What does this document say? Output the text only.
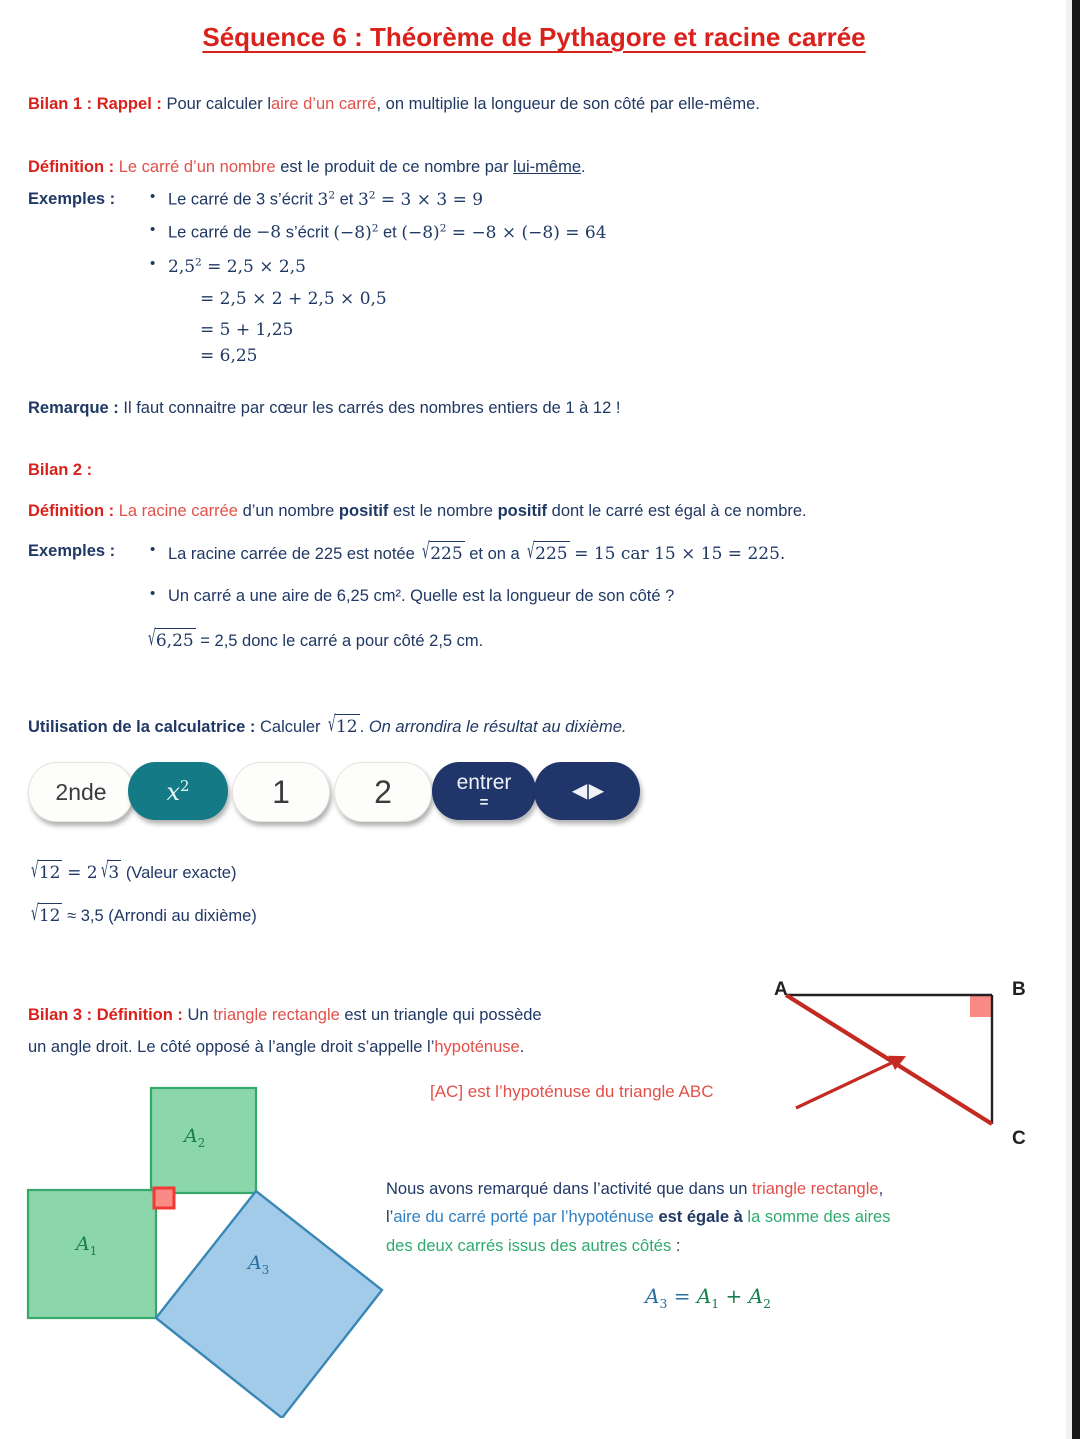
Séquence 6 : Théorème de Pythagore et racine carrée
Bilan 1 : Rappel : Pour calculer laire d’un carré, on multiplie la longueur de son côté par elle-même.
Définition : Le carré d’un nombre est le produit de ce nombre par lui-même.
Exemples :	• Le carré de 3 s’écrit $3^2$ et $3^2 = 3 \times 3 = 9$
• Le carré de −8 s’écrit $(-8)^2$ et $(-8)^2 = -8 \times (-8) = 64$
• $2,5^2 = 2,5 \times 2,5$
= 2,5 × 2 + 2,5 × 0,5
= 5 + 1,25
= 6,25
Remarque : Il faut connaitre par cœur les carrés des nombres entiers de 1 à 12 !
Bilan 2 :
Définition : La racine carrée d’un nombre positif est le nombre positif dont le carré est égal à ce nombre.
Exemples :	• La racine carrée de 225 est notée √225 et on a √225 = 15 car 15 × 15 = 225.
• Un carré a une aire de 6,25 cm². Quelle est la longueur de son côté ?
√6,25 = 2,5 donc le carré a pour côté 2,5 cm.
Utilisation de la calculatrice : Calculer √12 . On arrondira le résultat au dixième.
2nde $x^2$	1	2	entrer
=
◀ ▶
√12 = 2 √3 (Valeur exacte)
√12 ≈ 3,5 (Arrondi au dixième)
Bilan 3 : Définition : Un triangle rectangle est un triangle qui possède
un angle droit. Le côté opposé à l’angle droit s’appelle l’hypoténuse.
[AC] est l’hypoténuse du triangle ABC
A	B
C
$A_2$
$A_1$
$A_3$
Nous avons remarqué dans l’activité que dans un triangle rectangle,
l’aire du carré porté par l’hypoténuse est égale à la somme des aires
des deux carrés issus des autres côtés :
$A_3 = A_1 + A_2$
